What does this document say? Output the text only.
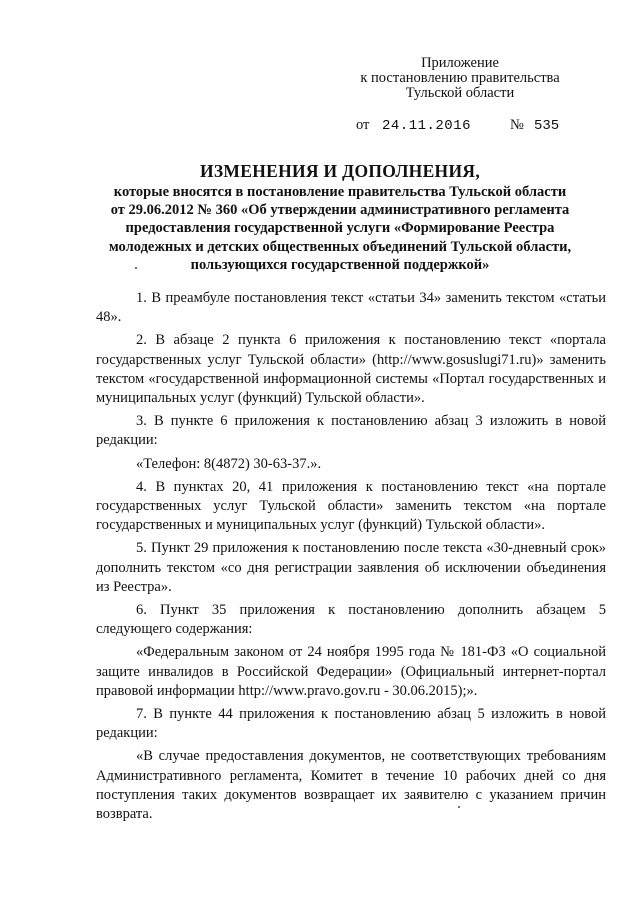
Приложение
к постановлению правительства
Тульской области
от 24.11.2016	№ 535
ИЗМЕНЕНИЯ И ДОПОЛНЕНИЯ,
которые вносятся в постановление правительства Тульской области
от 29.06.2012 № 360 «Об утверждении административного регламента
предоставления государственной услуги «Формирование Реестра
молодежных и детских общественных объединений Тульской области,
пользующихся государственной поддержкой»

1. В преамбуле постановления текст «статьи 34» заменить текстом «статьи 48».

2. В абзаце 2 пункта 6 приложения к постановлению текст «портала государственных услуг Тульской области» (http://www.gosuslugi71.ru)» заменить текстом «государственной информационной системы «Портал государственных и муниципальных услуг (функций) Тульской области».

3. В пункте 6 приложения к постановлению абзац 3 изложить в новой редакции:

«Телефон: 8(4872) 30-63-37.».

4. В пунктах 20, 41 приложения к постановлению текст «на портале государственных услуг Тульской области» заменить текстом «на портале государственных и муниципальных услуг (функций) Тульской области».

5. Пункт 29 приложения к постановлению после текста «30-дневный срок» дополнить текстом «со дня регистрации заявления об исключении объединения из Реестра».

6. Пункт 35 приложения к постановлению дополнить абзацем 5 следующего содержания:

«Федеральным законом от 24 ноября 1995 года № 181-ФЗ «О социальной защите инвалидов в Российской Федерации» (Официальный интернет-портал правовой информации http://www.pravo.gov.ru - 30.06.2015);».

7. В пункте 44 приложения к постановлению абзац 5 изложить в новой редакции:

«В случае предоставления документов, не соответствующих требованиям Административного регламента, Комитет в течение 10 рабочих дней со дня поступления таких документов возвращает их заявителю с указанием причин возврата.
